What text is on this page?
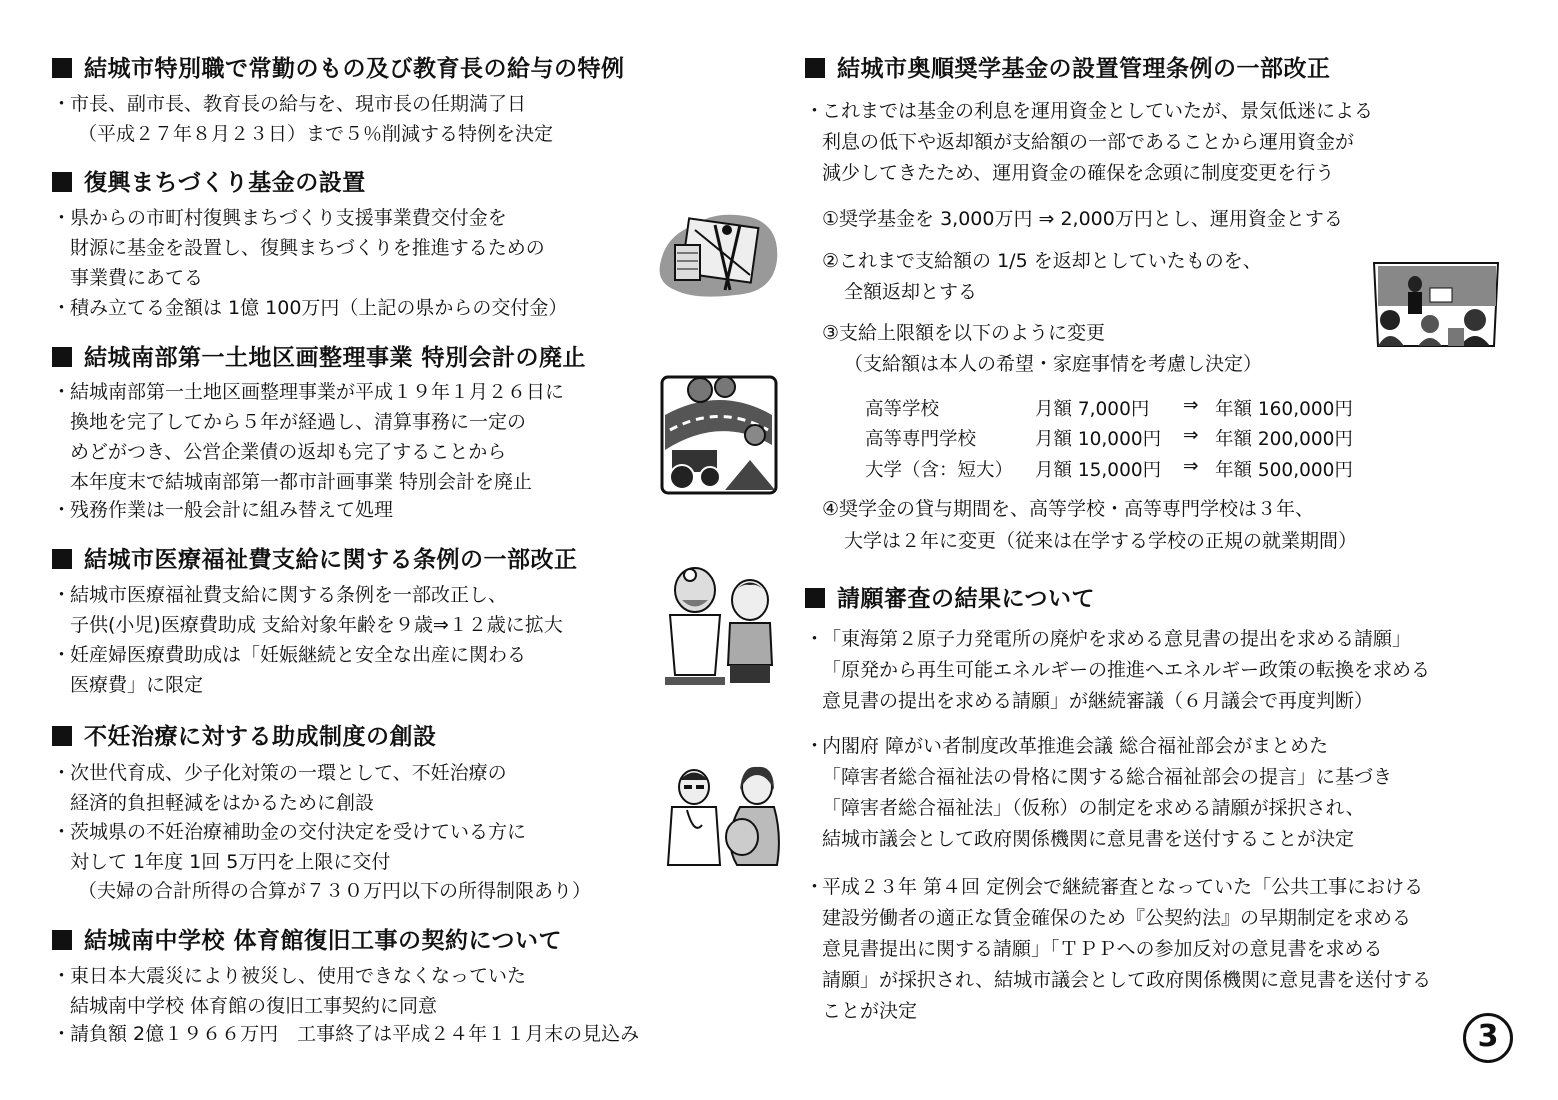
結城市特別職で常勤のもの及び教育長の給与の特例
・
市長、副市長、教育長の給与を、現市長の任期満了日
（平成２７年８月２３日）まで５％削減する特例を決定
復興まちづくり基金の設置
・
県からの市町村復興まちづくり支援事業費交付金を
財源に基金を設置し、復興まちづくりを推進するための
事業費にあてる
・
積み立てる金額は 1億 100万円（上記の県からの交付金）
結城南部第一土地区画整理事業 特別会計の廃止
・
結城南部第一土地区画整理事業が平成１９年１月２６日に
換地を完了してから５年が経過し、清算事務に一定の
めどがつき、公営企業債の返却も完了することから
本年度末で結城南部第一都市計画事業 特別会計を廃止
・
残務作業は一般会計に組み替えて処理
結城市医療福祉費支給に関する条例の一部改正
・
結城市医療福祉費支給に関する条例を一部改正し、
子供(小児)医療費助成 支給対象年齢を９歳⇒１２歳に拡大
・
妊産婦医療費助成は「妊娠継続と安全な出産に関わる
医療費」に限定
不妊治療に対する助成制度の創設
・
次世代育成、少子化対策の一環として、不妊治療の
経済的負担軽減をはかるために創設
・
茨城県の不妊治療補助金の交付決定を受けている方に
対して 1年度 1回 5万円を上限に交付
（夫婦の合計所得の合算が７３０万円以下の所得制限あり）
結城南中学校 体育館復旧工事の契約について
・
東日本大震災により被災し、使用できなくなっていた
結城南中学校 体育館の復旧工事契約に同意
・
請負額 2億１９６６万円　工事終了は平成２４年１１月末の見込み
結城市奥順奨学基金の設置管理条例の一部改正
・
これまでは基金の利息を運用資金としていたが、景気低迷による
利息の低下や返却額が支給額の一部であることから運用資金が
減少してきたため、運用資金の確保を念頭に制度変更を行う
①奨学基金を 3,000万円 ⇒ 2,000万円とし、運用資金とする
②これまで支給額の 1/5 を返却としていたものを、
全額返却とする
③支給上限額を以下のように変更
（支給額は本人の希望・家庭事情を考慮し決定）
高等学校	月額 7,000円 ⇒ 年額 160,000円
高等専門学校	月額 10,000円 ⇒ 年額 200,000円
大学（含：短大） 月額 15,000円 ⇒ 年額 500,000円
④奨学金の貸与期間を、高等学校・高等専門学校は３年、
大学は２年に変更（従来は在学する学校の正規の就業期間）
請願審査の結果について
・
「東海第２原子力発電所の廃炉を求める意見書の提出を求める請願」
「原発から再生可能エネルギーの推進へエネルギー政策の転換を求める
意見書の提出を求める請願」が継続審議（６月議会で再度判断）
・
内閣府 障がい者制度改革推進会議 総合福祉部会がまとめた
「障害者総合福祉法の骨格に関する総合福祉部会の提言」に基づき
「障害者総合福祉法」（仮称）の制定を求める請願が採択され、
結城市議会として政府関係機関に意見書を送付することが決定
・
平成２３年 第４回 定例会で継続審査となっていた「公共工事における
建設労働者の適正な賃金確保のため『公契約法』の早期制定を求める
意見書提出に関する請願」「ＴＰＰへの参加反対の意見書を求める
請願」が採択され、結城市議会として政府関係機関に意見書を送付する
ことが決定
3
